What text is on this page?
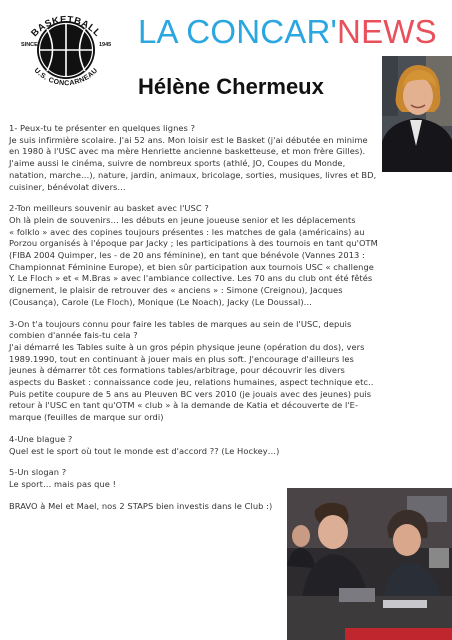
BASKETBALL
U.S. CONCARNEAU
SINCE	1945 LA CONCAR'NEWS
Hélène Chermeux

1- Peux-tu te présenter en quelques lignes ?

Je suis infirmière scolaire. J'ai 52 ans. Mon loisir est le Basket (j'ai débutée en minime

en 1980 à l'USC avec ma mère Henriette ancienne basketteuse, et mon frère Gilles).

J'aime aussi le cinéma, suivre de nombreux sports (athlé, JO, Coupes du Monde,

natation, marche…), nature, jardin, animaux, bricolage, sorties, musiques, livres et BD,

cuisiner, bénévolat divers…

2-Ton meilleurs souvenir au basket avec l'USC ?

Oh là plein de souvenirs… les débuts en jeune joueuse senior et les déplacements

« folklo » avec des copines toujours présentes : les matches de gala (américains) au

Porzou organisés à l'époque par Jacky ; les participations à des tournois en tant qu'OTM

(FIBA 2004 Quimper, les - de 20 ans féminine), en tant que bénévole (Vannes 2013 :

Championnat Féminine Europe), et bien sûr participation aux tournois USC « challenge

Y. Le Floch » et « M.Bras » avec l'ambiance collective. Les 70 ans du club ont été fêtés

dignement, le plaisir de retrouver des « anciens » : Simone (Creignou), Jacques

(Cousança), Carole (Le Floch), Monique (Le Noach), Jacky (Le Doussal)…

3-On t'a toujours connu pour faire les tables de marques au sein de l'USC, depuis

combien d'année fais-tu cela ?

J'ai démarré les Tables suite à un gros pépin physique jeune (opération du dos), vers

1989.1990, tout en continuant à jouer mais en plus soft. J'encourage d'ailleurs les

jeunes à démarrer tôt ces formations tables/arbitrage, pour découvrir les divers

aspects du Basket : connaissance code jeu, relations humaines, aspect technique etc..

Puis petite coupure de 5 ans au Pleuven BC vers 2010 (je jouais avec des jeunes) puis

retour à l'USC en tant qu'OTM « club » à la demande de Katia et découverte de l'E-

marque (feuilles de marque sur ordi)

4-Une blague ?

Quel est le sport où tout le monde est d'accord ?? (Le Hockey…)

5-Un slogan ?

Le sport… mais pas que !

BRAVO à Mel et Mael, nos 2 STAPS bien investis dans le Club :)
